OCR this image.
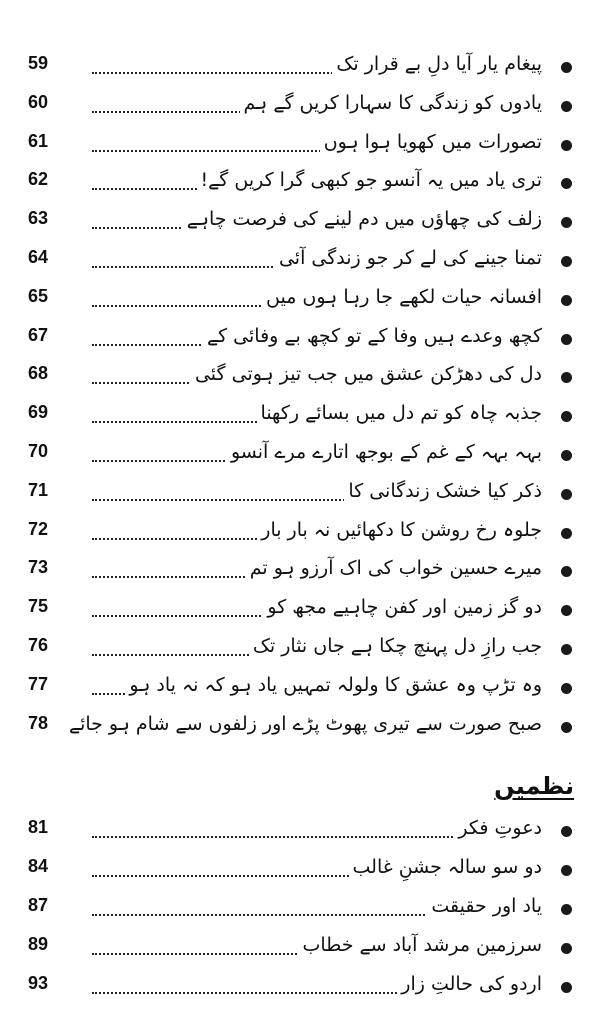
پیغام یار آیا دلِ بے قرار تک
59
یادوں کو زندگی کا سہارا کریں گے ہم
60
تصورات میں کھویا ہوا ہوں
61
تری یاد میں یہ آنسو جو کبھی گرا کریں گے!
62
زلف کی چھاؤں میں دم لینے کی فرصت چاہے
63
تمنا جینے کی لے کر جو زندگی آئی
64
افسانہ حیات لکھے جا رہا ہوں میں
65
کچھ وعدے ہیں وفا کے تو کچھ بے وفائی کے
67
دل کی دھڑکن عشق میں جب تیز ہوتی گئی
68
جذبہ چاہ کو تم دل میں بسائے رکھنا
69
بہہ بہہ کے غم کے بوجھ اتارے مرے آنسو
70
ذکر کیا خشک زندگانی کا
71
جلوہ رخ روشن کا دکھائیں نہ بار بار
72
میرے حسین خواب کی اک آرزو ہو تم
73
دو گز زمین اور کفن چاہیے مجھ کو
75
جب رازِ دل پہنچ چکا ہے جاں نثار تک
76
وہ تڑپ وہ عشق کا ولولہ تمہیں یاد ہو کہ نہ یاد ہو
77
صبح صورت سے تیری پھوٹ پڑے اور زلفوں سے شام ہو جائے
78
نظمیں
دعوتِ فکر
81
دو سو سالہ جشنِ غالب
84
یاد اور حقیقت
87
سرزمین مرشد آباد سے خطاب
89
اردو کی حالتِ زار
93
